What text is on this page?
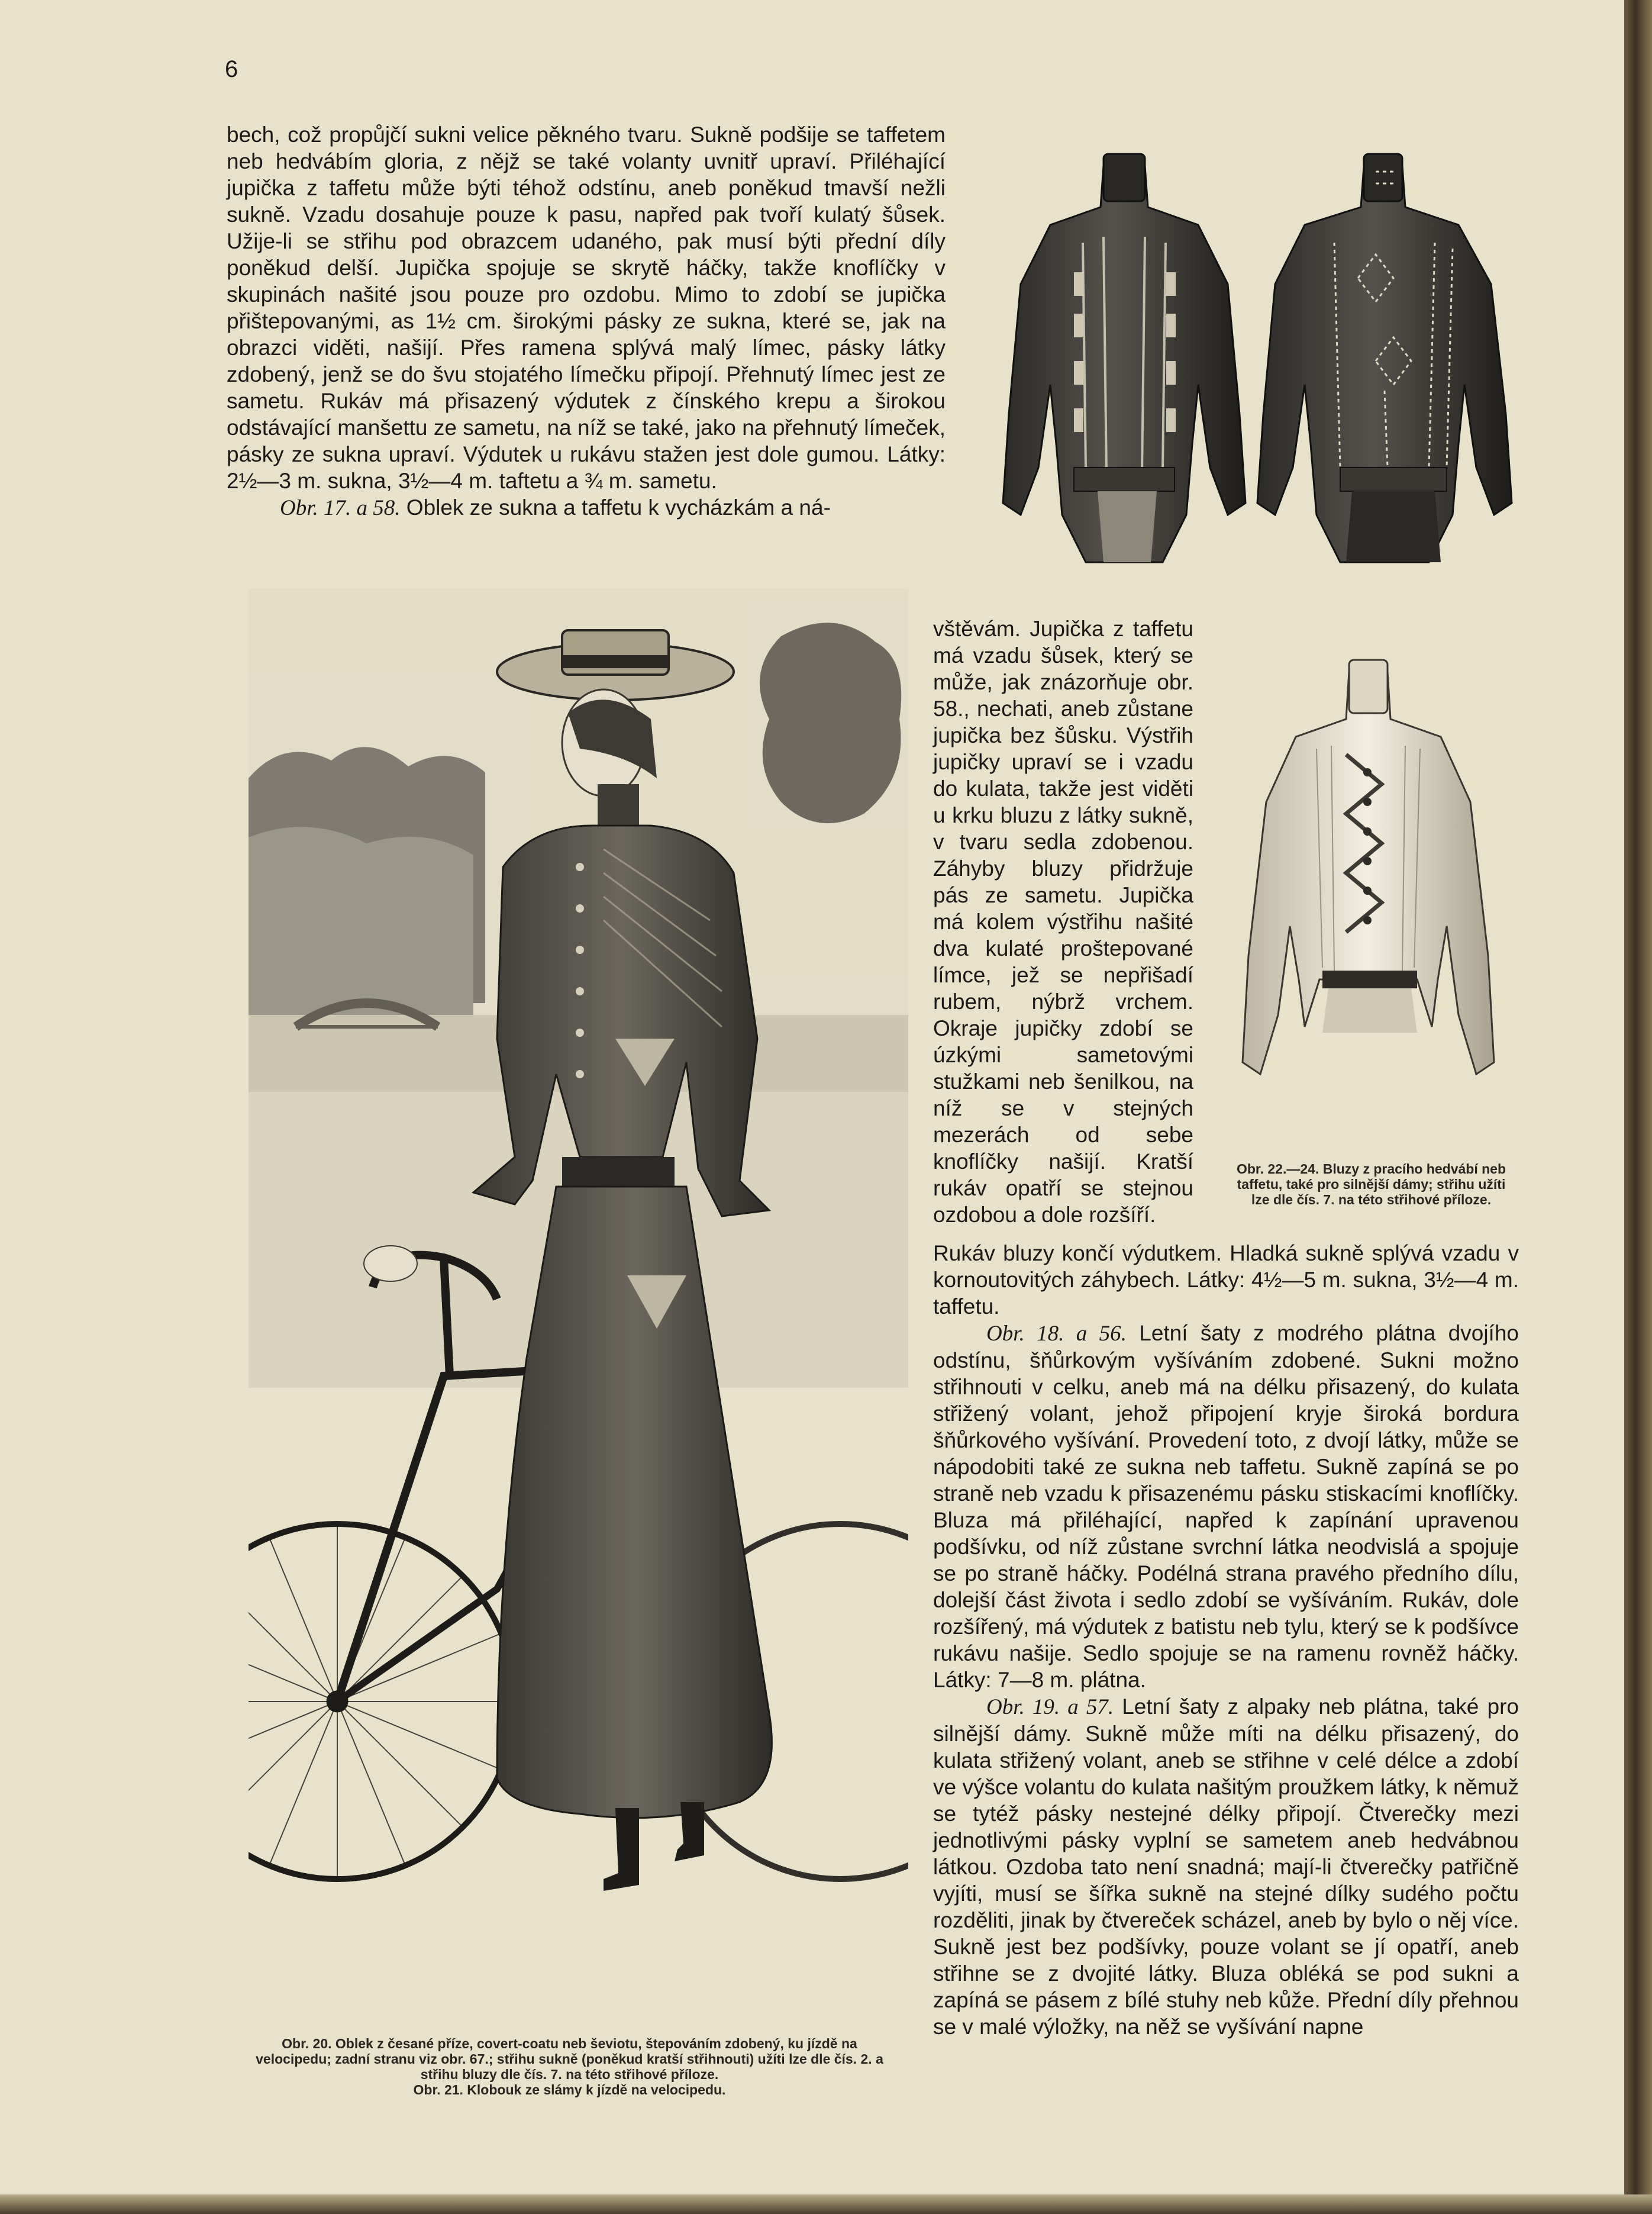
6

bech, což propůjčí sukni velice pěkného tvaru. Sukně podšije se taffetem neb hedvábím gloria, z nějž se také volanty uvnitř upraví. Přiléhající jupička z taffetu může býti téhož odstínu, aneb poněkud tmavší nežli sukně. Vzadu dosahuje pouze k pasu, napřed pak tvoří kulatý šůsek. Užije-li se střihu pod obrazcem udaného, pak musí býti přední díly poněkud delší. Jupička spojuje se skrytě háčky, takže knoflíčky v skupinách našité jsou pouze pro ozdobu. Mimo to zdobí se jupička přištepovanými, as 1½ cm. širokými pásky ze sukna, které se, jak na obrazci viděti, našijí. Přes ramena splývá malý límec, pásky látky zdobený, jenž se do švu stojatého límečku připojí. Přehnutý límec jest ze sametu. Rukáv má přisazený výdutek z čínského krepu a širokou odstávající manšettu ze sametu, na níž se také, jako na přehnutý límeček, pásky ze sukna upraví. Výdutek u rukávu stažen jest dole gumou. Látky: 2½—3 m. sukna, 3½—4 m. taftetu a ¾ m. sametu.

Obr. 17. a 58. Oblek ze sukna a taffetu k vycházkám a ná-

vštěvám. Jupička z taffetu má vzadu šůsek, který se může, jak znázorňuje obr. 58., nechati, aneb zůstane jupička bez šůsku. Výstřih jupičky upraví se i vzadu do kulata, takže jest viděti u krku bluzu z látky sukně, v tvaru sedla zdobenou. Záhyby bluzy přidržuje pás ze sametu. Jupička má kolem výstřihu našité dva kulaté proštepované límce, jež se nepřišadí rubem, nýbrž vrchem. Okraje jupičky zdobí se úzkými sametovými stužkami neb šenilkou, na níž se v stejných mezerách od sebe knoflíčky našijí. Kratší rukáv opatří se stejnou ozdobou a dole rozšíří.

Obr. 22.—24. Bluzy z pracího hedvábí neb taffetu, také pro silnější dámy; střihu užíti lze dle čís. 7. na této střihové příloze.

Rukáv bluzy končí výdutkem. Hladká sukně splývá vzadu v kornoutovitých záhybech. Látky: 4½—5 m. sukna, 3½—4 m. taffetu.

Obr. 18. a 56. Letní šaty z modrého plátna dvojího odstínu, šňůrkovým vyšíváním zdobené. Sukni možno střihnouti v celku, aneb má na délku přisazený, do kulata střižený volant, jehož připojení kryje široká bordura šňůrkového vyšívání. Provedení toto, z dvojí látky, může se nápodobiti také ze sukna neb taffetu. Sukně zapíná se po straně neb vzadu k přisazenému pásku stiskacími knoflíčky. Bluza má přiléhající, napřed k zapínání upravenou podšívku, od níž zůstane svrchní látka neodvislá a spojuje se po straně háčky. Podélná strana pravého předního dílu, dolejší část života i sedlo zdobí se vyšíváním. Rukáv, dole rozšířený, má výdutek z batistu neb tylu, který se k podšívce rukávu našije. Sedlo spojuje se na ramenu rovněž háčky. Látky: 7—8 m. plátna.

Obr. 19. a 57. Letní šaty z alpaky neb plátna, také pro silnější dámy. Sukně může míti na délku přisazený, do kulata střižený volant, aneb se střihne v celé délce a zdobí ve výšce volantu do kulata našitým proužkem látky, k němuž se tytéž pásky nestejné délky připojí. Čtverečky mezi jednotlivými pásky vyplní se sametem aneb hedvábnou látkou. Ozdoba tato není snadná; mají-li čtverečky patřičně vyjíti, musí se šířka sukně na stejné dílky sudého počtu rozděliti, jinak by čtvereček scházel, aneb by bylo o něj více. Sukně jest bez podšívky, pouze volant se jí opatří, aneb střihne se z dvojité látky. Bluza obléká se pod sukni a zapíná se pásem z bílé stuhy neb kůže. Přední díly přehnou se v malé výložky, na něž se vyšívání napne

Obr. 20. Oblek z česané příze, covert-coatu neb ševiotu, štepováním zdobený, ku jízdě na velocipedu; zadní stranu viz obr. 67.; střihu sukně (poněkud kratší střihnouti) užíti lze dle čís. 2. a střihu bluzy dle čís. 7. na této střihové příloze.
Obr. 21. Klobouk ze slámy k jízdě na velocipedu.
